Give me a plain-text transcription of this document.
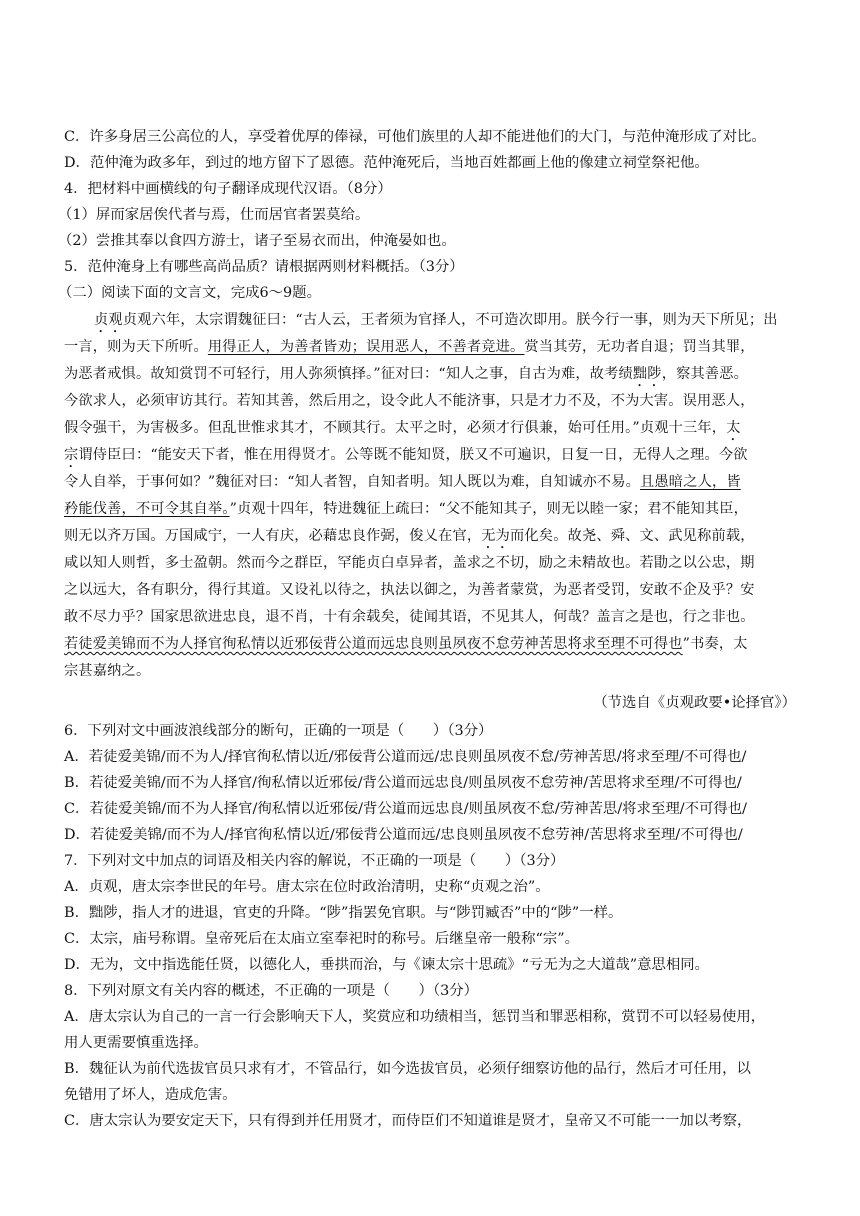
C．许多身居三公高位的人，享受着优厚的俸禄，可他们族里的人却不能进他们的大门，与范仲淹形成了对比。
D．范仲淹为政多年，到过的地方留下了恩德。范仲淹死后，当地百姓都画上他的像建立祠堂祭祀他。
4．把材料中画横线的句子翻译成现代汉语。（8分）
（1）屏而家居俟代者与焉，仕而居官者罢莫给。
（2）尝推其奉以食四方游士，诸子至易衣而出，仲淹晏如也。
5．范仲淹身上有哪些高尚品质？请根据两则材料概括。（3分）
（二）阅读下面的文言文，完成6～9题。
贞观贞观六年，太宗谓魏征曰：“古人云，王者须为官择人，不可造次即用。朕今行一事，则为天下所见；出
一言，则为天下所听。用得正人，为善者皆劝；误用恶人，不善者竞进。赏当其劳，无功者自退；罚当其罪，
为恶者戒惧。故知赏罚不可轻行，用人弥须慎择。”征对曰：“知人之事，自古为难，故考绩黜陟，察其善恶。
今欲求人，必须审访其行。若知其善，然后用之，设令此人不能济事，只是才力不及，不为大害。误用恶人，
假令强干，为害极多。但乱世惟求其才，不顾其行。太平之时，必须才行俱兼，始可任用。”贞观十三年，太
宗谓侍臣曰：“能安天下者，惟在用得贤才。公等既不能知贤，朕又不可遍识，日复一日，无得人之理。今欲
令人自举，于事何如？”魏征对曰：“知人者智，自知者明。知人既以为难，自知诚亦不易。且愚暗之人，皆
矜能伐善，不可令其自举。”贞观十四年，特进魏征上疏曰：“父不能知其子，则无以睦一家；君不能知其臣，
则无以齐万国。万国咸宁，一人有庆，必藉忠良作弼，俊乂在官，无为而化矣。故尧、舜、文、武见称前载，
咸以知人则哲，多士盈朝。然而今之群臣，罕能贞白卓异者，盖求之不切，励之未精故也。若勖之以公忠，期
之以远大，各有职分，得行其道。又设礼以待之，执法以御之，为善者蒙赏，为恶者受罚，安敢不企及乎？安
敢不尽力乎？国家思欲进忠良，退不肖，十有余载矣，徒闻其语，不见其人，何哉？盖言之是也，行之非也。
若徒爱美锦而不为人择官徇私情以近邪佞背公道而远忠良则虽夙夜不怠劳神苦思将求至理不可得也”书奏，太
宗甚嘉纳之。
（节选自《贞观政要•论择官》）
6．下列对文中画波浪线部分的断句，正确的一项是（　　）（3分）
A．若徒爱美锦/而不为人/择官徇私情以近/邪佞背公道而远/忠良则虽夙夜不怠/劳神苦思/将求至理/不可得也/
B．若徒爱美锦/而不为人择官/徇私情以近邪佞/背公道而远忠良/则虽夙夜不怠劳神/苦思将求至理/不可得也/
C．若徒爱美锦/而不为人择官/徇私情以近邪佞/背公道而远忠良/则虽夙夜不怠/劳神苦思/将求至理/不可得也/
D．若徒爱美锦/而不为人/择官徇私情以近/邪佞背公道而远/忠良则虽夙夜不怠劳神/苦思将求至理/不可得也/
7．下列对文中加点的词语及相关内容的解说，不正确的一项是（　　）（3分）
A．贞观，唐太宗李世民的年号。唐太宗在位时政治清明，史称“贞观之治”。
B．黜陟，指人才的进退，官吏的升降。“陟”指罢免官职。与“陟罚臧否”中的“陟”一样。
C．太宗，庙号称谓。皇帝死后在太庙立室奉祀时的称号。后继皇帝一般称“宗”。
D．无为，文中指选能任贤，以德化人，垂拱而治，与《谏太宗十思疏》“亏无为之大道哉”意思相同。
8．下列对原文有关内容的概述，不正确的一项是（　　）（3分）
A．唐太宗认为自己的一言一行会影响天下人，奖赏应和功绩相当，惩罚当和罪恶相称，赏罚不可以轻易使用，
用人更需要慎重选择。
B．魏征认为前代选拔官员只求有才，不管品行，如今选拔官员，必须仔细察访他的品行，然后才可任用，以
免错用了坏人，造成危害。
C．唐太宗认为要安定天下，只有得到并任用贤才，而侍臣们不知道谁是贤才，皇帝又不可能一一加以考察，
